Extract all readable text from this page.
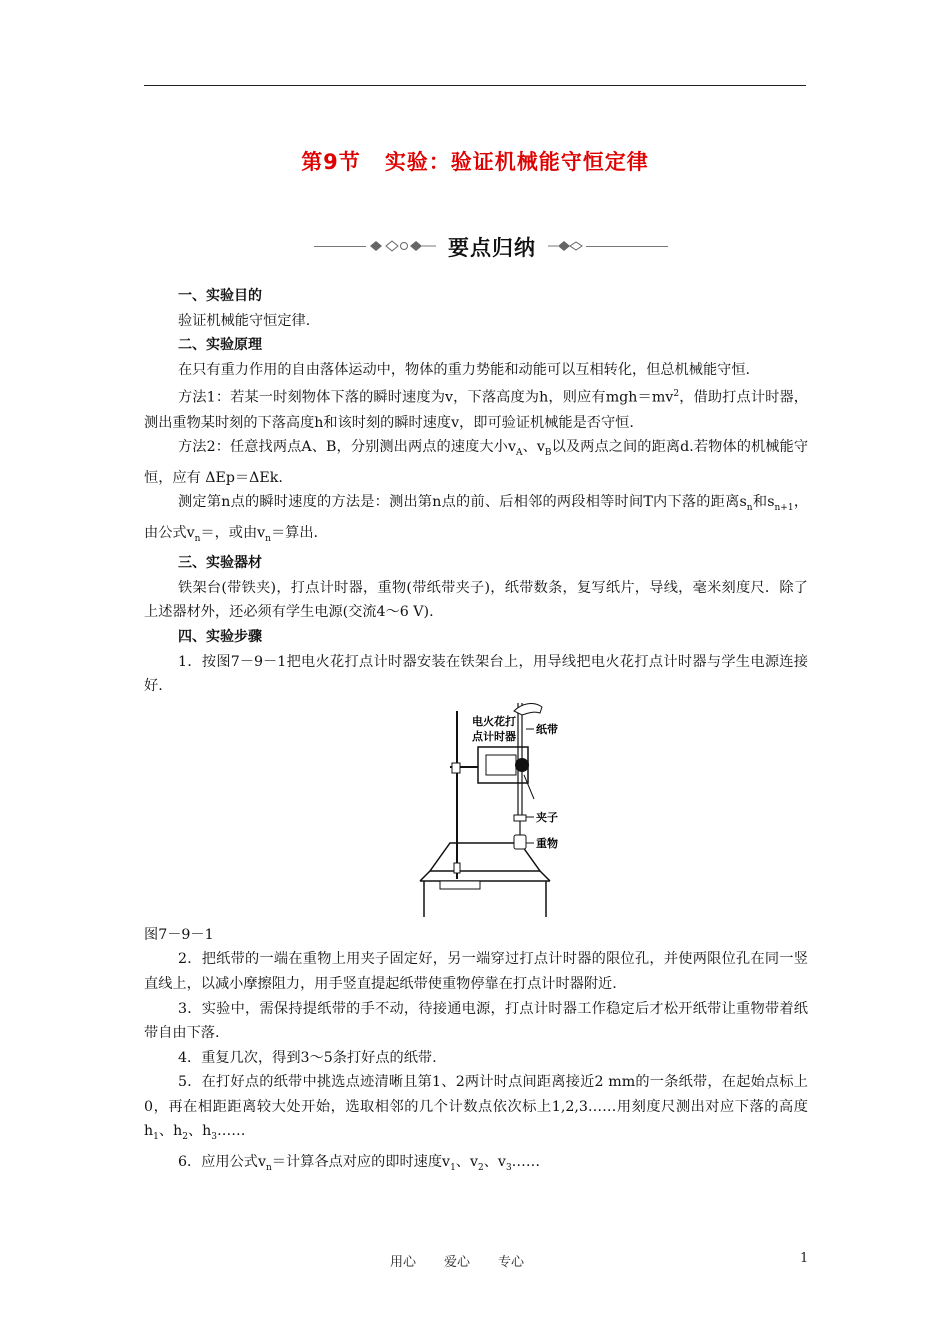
第9节 实验：验证机械能守恒定律
要点归纳

一、实验目的

验证机械能守恒定律.

二、实验原理

在只有重力作用的自由落体运动中，物体的重力势能和动能可以互相转化，但总机械能守恒.

方法1：若某一时刻物体下落的瞬时速度为v，下落高度为h，则应有$mgh=mv^2$，借助打点计时器，测出重物某时刻的下落高度h和该时刻的瞬时速度v，即可验证机械能是否守恒.

方法2：任意找两点A、B，分别测出两点的速度大小$v_A$、$v_B$以及两点之间的距离d.若物体的机械能守恒，应有 ΔEp＝ΔEk.

测定第n点的瞬时速度的方法是：测出第n点的前、后相邻的两段相等时间T内下落的距离$s_n$和$s_{n+1}$，由公式$v_n=$，或由$v_n=$算出.

三、实验器材

铁架台(带铁夹)，打点计时器，重物(带纸带夹子)，纸带数条，复写纸片，导线，毫米刻度尺．除了上述器材外，还必须有学生电源(交流4～6 V).

四、实验步骤

1．按图7－9－1把电火花打点计时器安装在铁架台上，用导线把电火花打点计时器与学生电源连接好.

电火花打
点计时器
纸带
夹子
重物

图7－9－1

2．把纸带的一端在重物上用夹子固定好，另一端穿过打点计时器的限位孔，并使两限位孔在同一竖直线上，以减小摩擦阻力，用手竖直提起纸带使重物停靠在打点计时器附近.

3．实验中，需保持提纸带的手不动，待接通电源，打点计时器工作稳定后才松开纸带让重物带着纸带自由下落.

4．重复几次，得到3～5条打好点的纸带.

5．在打好点的纸带中挑选点迹清晰且第1、2两计时点间距离接近2 mm的一条纸带，在起始点标上0，再在相距距离较大处开始，选取相邻的几个计数点依次标上1,2,3……用刻度尺测出对应下落的高度$h_1$、$h_2$、$h_3\dots\dots$

6．应用公式$v_n=$计算各点对应的即时速度$v_1$、$v_2$、$v_3\dots\dots$

用心 爱心 专心	1
